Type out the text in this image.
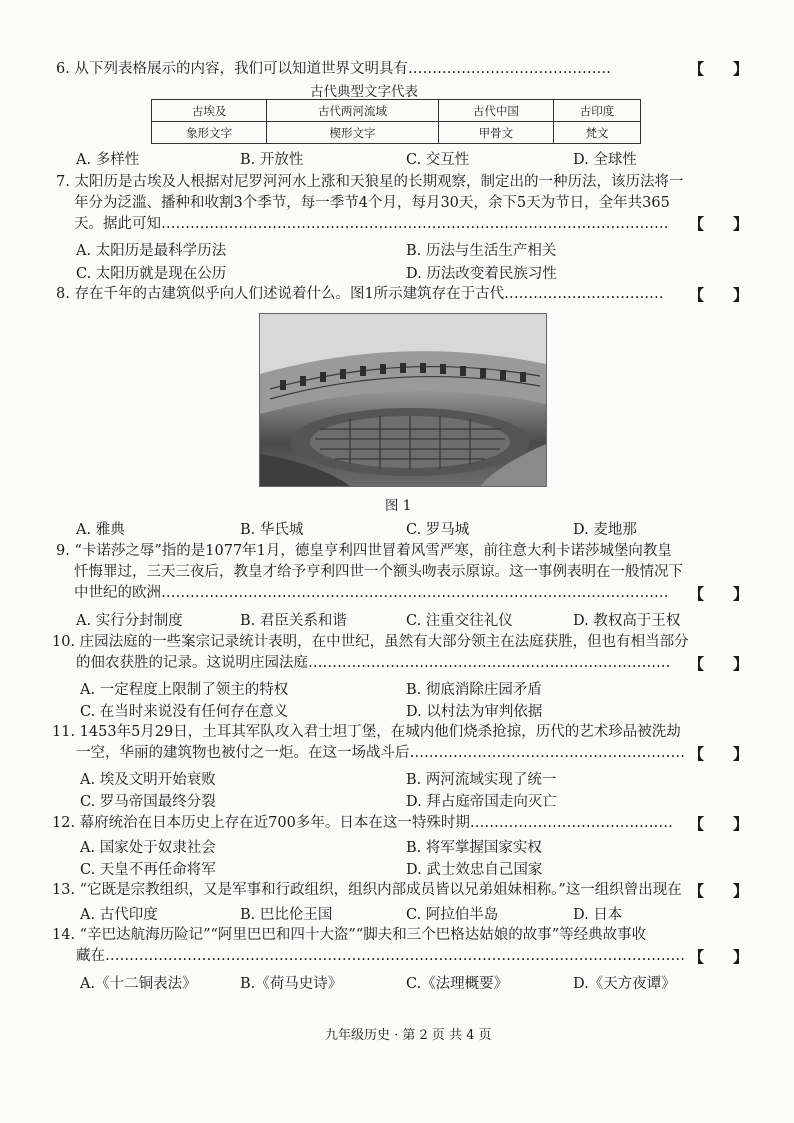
6. 从下列表格展示的内容，我们可以知道世界文明具有……………………………………	【 】
古代典型文字代表
古埃及	古代两河流域	古代中国	古印度
象形文字	楔形文字	甲骨文	梵文
A. 多样性	B. 开放性	C. 交互性	D. 全球性
7. 太阳历是古埃及人根据对尼罗河河水上涨和天狼星的长期观察，制定出的一种历法，该历法将一
年分为泛滥、播种和收割3个季节，每一季节4个月，每月30天，余下5天为节日，全年共365
天。据此可知……………………………………………………………………………………………	【 】
A. 太阳历是最科学历法	B. 历法与生活生产相关
C. 太阳历就是现在公历	D. 历法改变着民族习性
8. 存在千年的古建筑似乎向人们述说着什么。图1所示建筑存在于古代…………………………… 【 】
图 1
A. 雅典	B. 华氏城	C. 罗马城	D. 麦地那
9. “卡诺莎之辱”指的是1077年1月，德皇亨利四世冒着风雪严寒，前往意大利卡诺莎城堡向教皇
忏悔罪过，三天三夜后，教皇才给予亨利四世一个额头吻表示原谅。这一事例表明在一般情况下
中世纪的欧洲……………………………………………………………………………………………	【 】
A. 实行分封制度	B. 君臣关系和谐	C. 注重交往礼仪	D. 教权高于王权
10. 庄园法庭的一些案宗记录统计表明，在中世纪，虽然有大部分领主在法庭获胜，但也有相当部分
的佃农获胜的记录。这说明庄园法庭…………………………………………………………………	【 】
A. 一定程度上限制了领主的特权	B. 彻底消除庄园矛盾
C. 在当时来说没有任何存在意义	D. 以村法为审判依据
11. 1453年5月29日，土耳其军队攻入君士坦丁堡，在城内他们烧杀抢掠，历代的艺术珍品被洗劫
一空，华丽的建筑物也被付之一炬。在这一场战斗后………………………………………………… 【 】
A. 埃及文明开始衰败	B. 两河流域实现了统一
C. 罗马帝国最终分裂	D. 拜占庭帝国走向灭亡
12. 幕府统治在日本历史上存在近700多年。日本在这一特殊时期…………………………………… 【 】
A. 国家处于奴隶社会	B. 将军掌握国家实权
C. 天皇不再任命将军	D. 武士效忠自己国家
13. “它既是宗教组织，又是军事和行政组织，组织内部成员皆以兄弟姐妹相称。”这一组织曾出现在 【 】
A. 古代印度	B. 巴比伦王国	C. 阿拉伯半岛	D. 日本
14. “辛巴达航海历险记”“阿里巴巴和四十大盗”“脚夫和三个巴格达姑娘的故事”等经典故事收
藏在………………………………………………………………………………………………………… 【 】
A.《十二铜表法》	B.《荷马史诗》	C.《法理概要》	D.《天方夜谭》
九年级历史 · 第 2 页 共 4 页
